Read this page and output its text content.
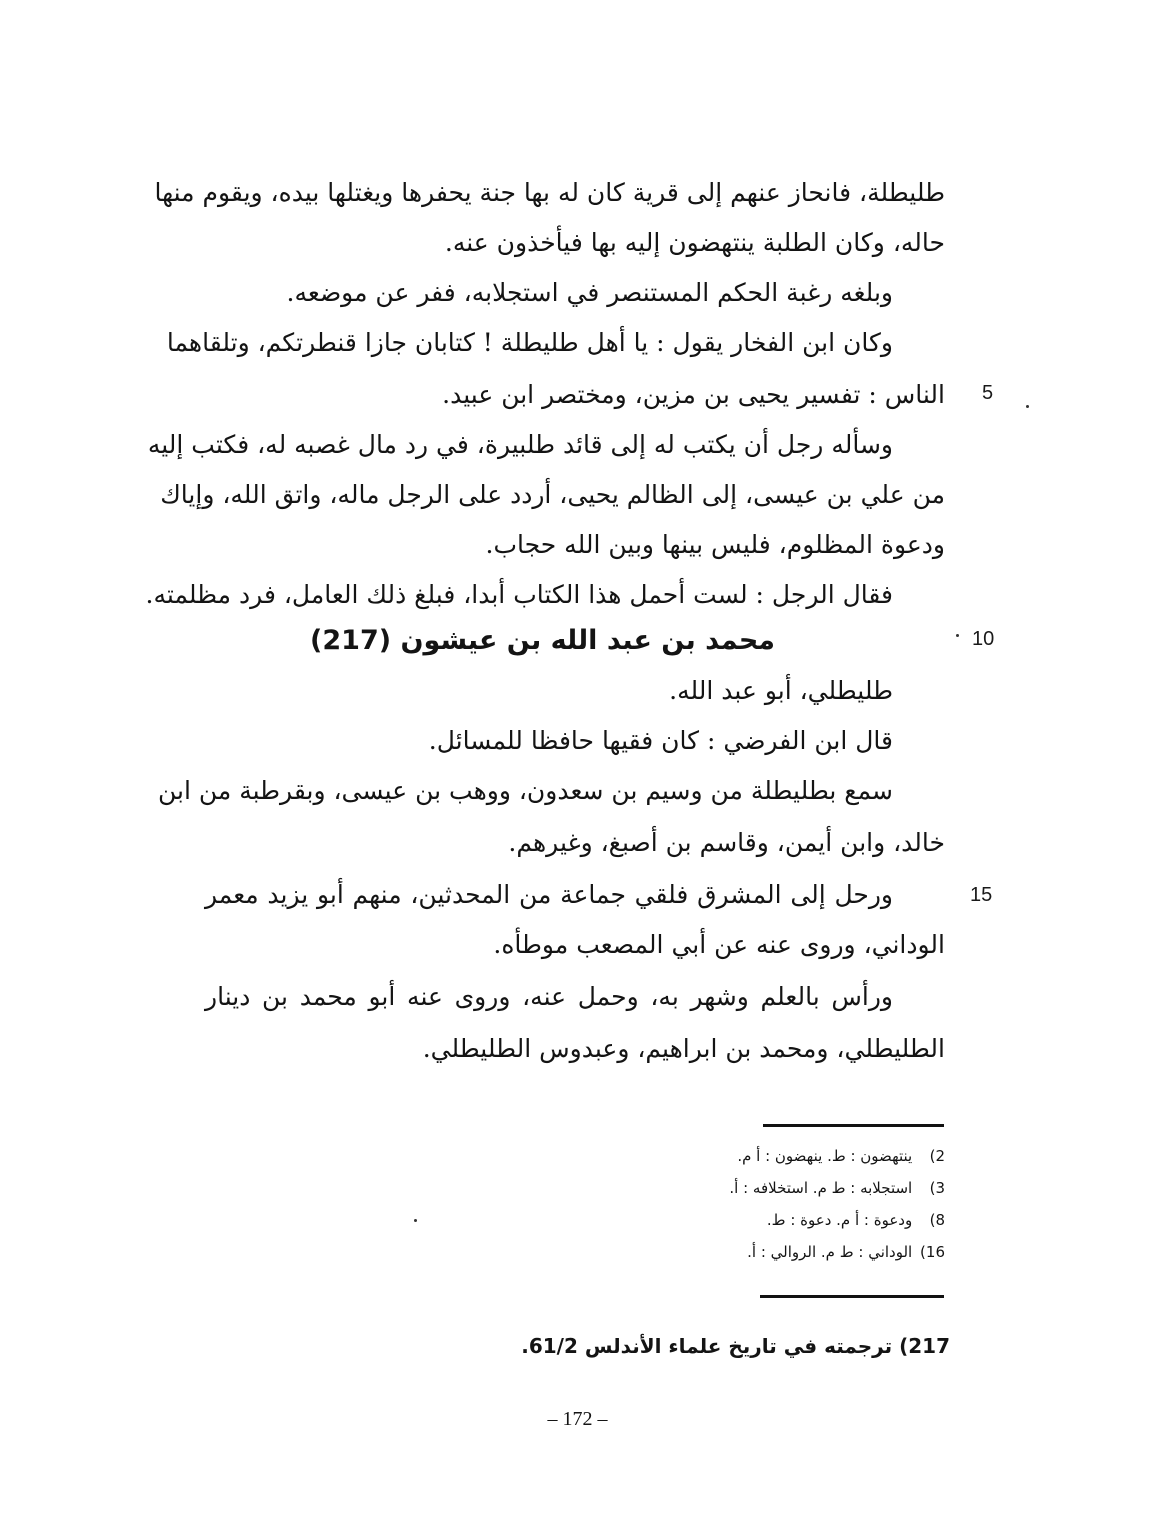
طليطلة، فانحاز عنهم إلى قرية كان له بها جنة يحفرها ويغتلها بيده، ويقوم منها
حاله، وكان الطلبة ينتهضون إليه بها فيأخذون عنه.
وبلغه رغبة الحكم المستنصر في استجلابه، ففر عن موضعه.
وكان ابن الفخار يقول : يا أهل طليطلة ! كتابان جازا قنطرتكم، وتلقاهما
الناس : تفسير يحيى بن مزين، ومختصر ابن عبيد.
وسأله رجل أن يكتب له إلى قائد طلبيرة، في رد مال غصبه له، فكتب إليه
من علي بن عيسى، إلى الظالم يحيى، أردد على الرجل ماله، واتق الله، وإياك
ودعوة المظلوم، فليس بينها وبين الله حجاب.
فقال الرجل : لست أحمل هذا الكتاب أبدا، فبلغ ذلك العامل، فرد مظلمته.
محمد بن عبد الله بن عيشون (217)
طليطلي، أبو عبد الله.
قال ابن الفرضي : كان فقيها حافظا للمسائل.
سمع بطليطلة من وسيم بن سعدون، ووهب بن عيسى، وبقرطبة من ابن
خالد، وابن أيمن، وقاسم بن أصبغ، وغيرهم.
ورحل إلى المشرق فلقي جماعة من المحدثين، منهم أبو يزيد معمر
الوداني، وروى عنه عن أبي المصعب موطأه.
ورأس بالعلم وشهر به، وحمل عنه، وروى عنه أبو محمد بن دينار
الطليطلي، ومحمد بن ابراهيم، وعبدوس الطليطلي.
5
10
15
2) ينتهضون : ط. ينهضون : أ م.
3) استجلابه : ط م. استخلافه : أ.
8) ودعوة : أ م. دعوة : ط.
16) الوداني : ط م. الروالي : أ.
217) ترجمته في تاريخ علماء الأندلس 61/2.
– 172 –
